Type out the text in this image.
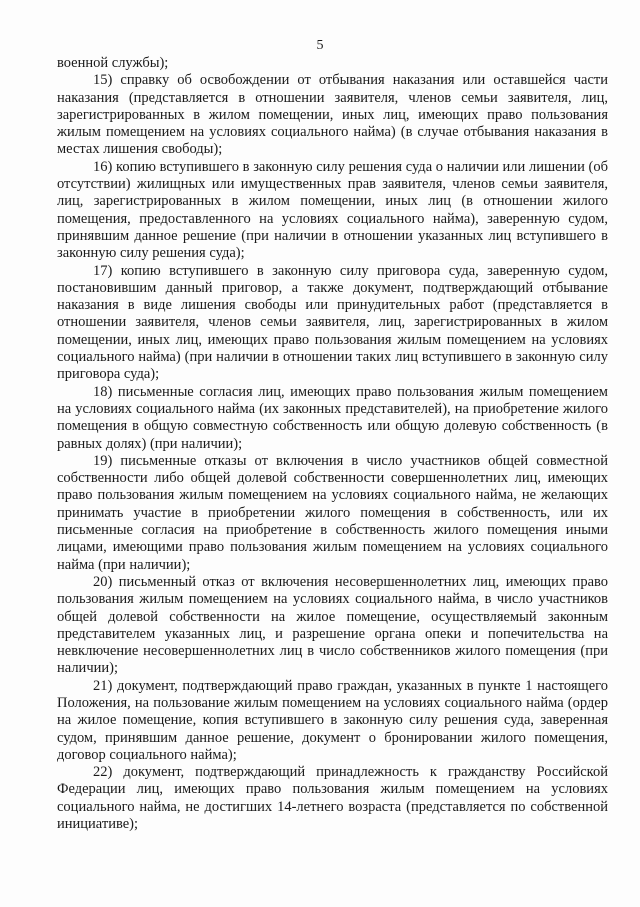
5

военной службы);

15) справку об освобождении от отбывания наказания или оставшейся части наказания (представляется в отношении заявителя, членов семьи заявителя, лиц, зарегистрированных в жилом помещении, иных лиц, имеющих право пользования жилым помещением на условиях социального найма) (в случае отбывания наказания в местах лишения свободы);

16) копию вступившего в законную силу решения суда о наличии или лишении (об отсутствии) жилищных или имущественных прав заявителя, членов семьи заявителя, лиц, зарегистрированных в жилом помещении, иных лиц (в отношении жилого помещения, предоставленного на условиях социального найма), заверенную судом, принявшим данное решение (при наличии в отношении указанных лиц вступившего в законную силу решения суда);

17) копию вступившего в законную силу приговора суда, заверенную судом, постановившим данный приговор, а также документ, подтверждающий отбывание наказания в виде лишения свободы или принудительных работ (представляется в отношении заявителя, членов семьи заявителя, лиц, зарегистрированных в жилом помещении, иных лиц, имеющих право пользования жилым помещением на условиях социального найма) (при наличии в отношении таких лиц вступившего в законную силу приговора суда);

18) письменные согласия лиц, имеющих право пользования жилым помещением на условиях социального найма (их законных представителей), на приобретение жилого помещения в общую совместную собственность или общую долевую собственность (в равных долях) (при наличии);

19) письменные отказы от включения в число участников общей совместной собственности либо общей долевой собственности совершеннолетних лиц, имеющих право пользования жилым помещением на условиях социального найма, не желающих принимать участие в приобретении жилого помещения в собственность, или их письменные согласия на приобретение в собственность жилого помещения иными лицами, имеющими право пользования жилым помещением на условиях социального найма (при наличии);

20) письменный отказ от включения несовершеннолетних лиц, имеющих право пользования жилым помещением на условиях социального найма, в число участников общей долевой собственности на жилое помещение, осуществляемый законным представителем указанных лиц, и разрешение органа опеки и попечительства на невключение несовершеннолетних лиц в число собственников жилого помещения (при наличии);

21) документ, подтверждающий право граждан, указанных в пункте 1 настоящего Положения, на пользование жилым помещением на условиях социального найма (ордер на жилое помещение, копия вступившего в законную силу решения суда, заверенная судом, принявшим данное решение, документ о бронировании жилого помещения, договор социального найма);

22) документ, подтверждающий принадлежность к гражданству Российской Федерации лиц, имеющих право пользования жилым помещением на условиях социального найма, не достигших 14-летнего возраста (представляется по собственной инициативе);
